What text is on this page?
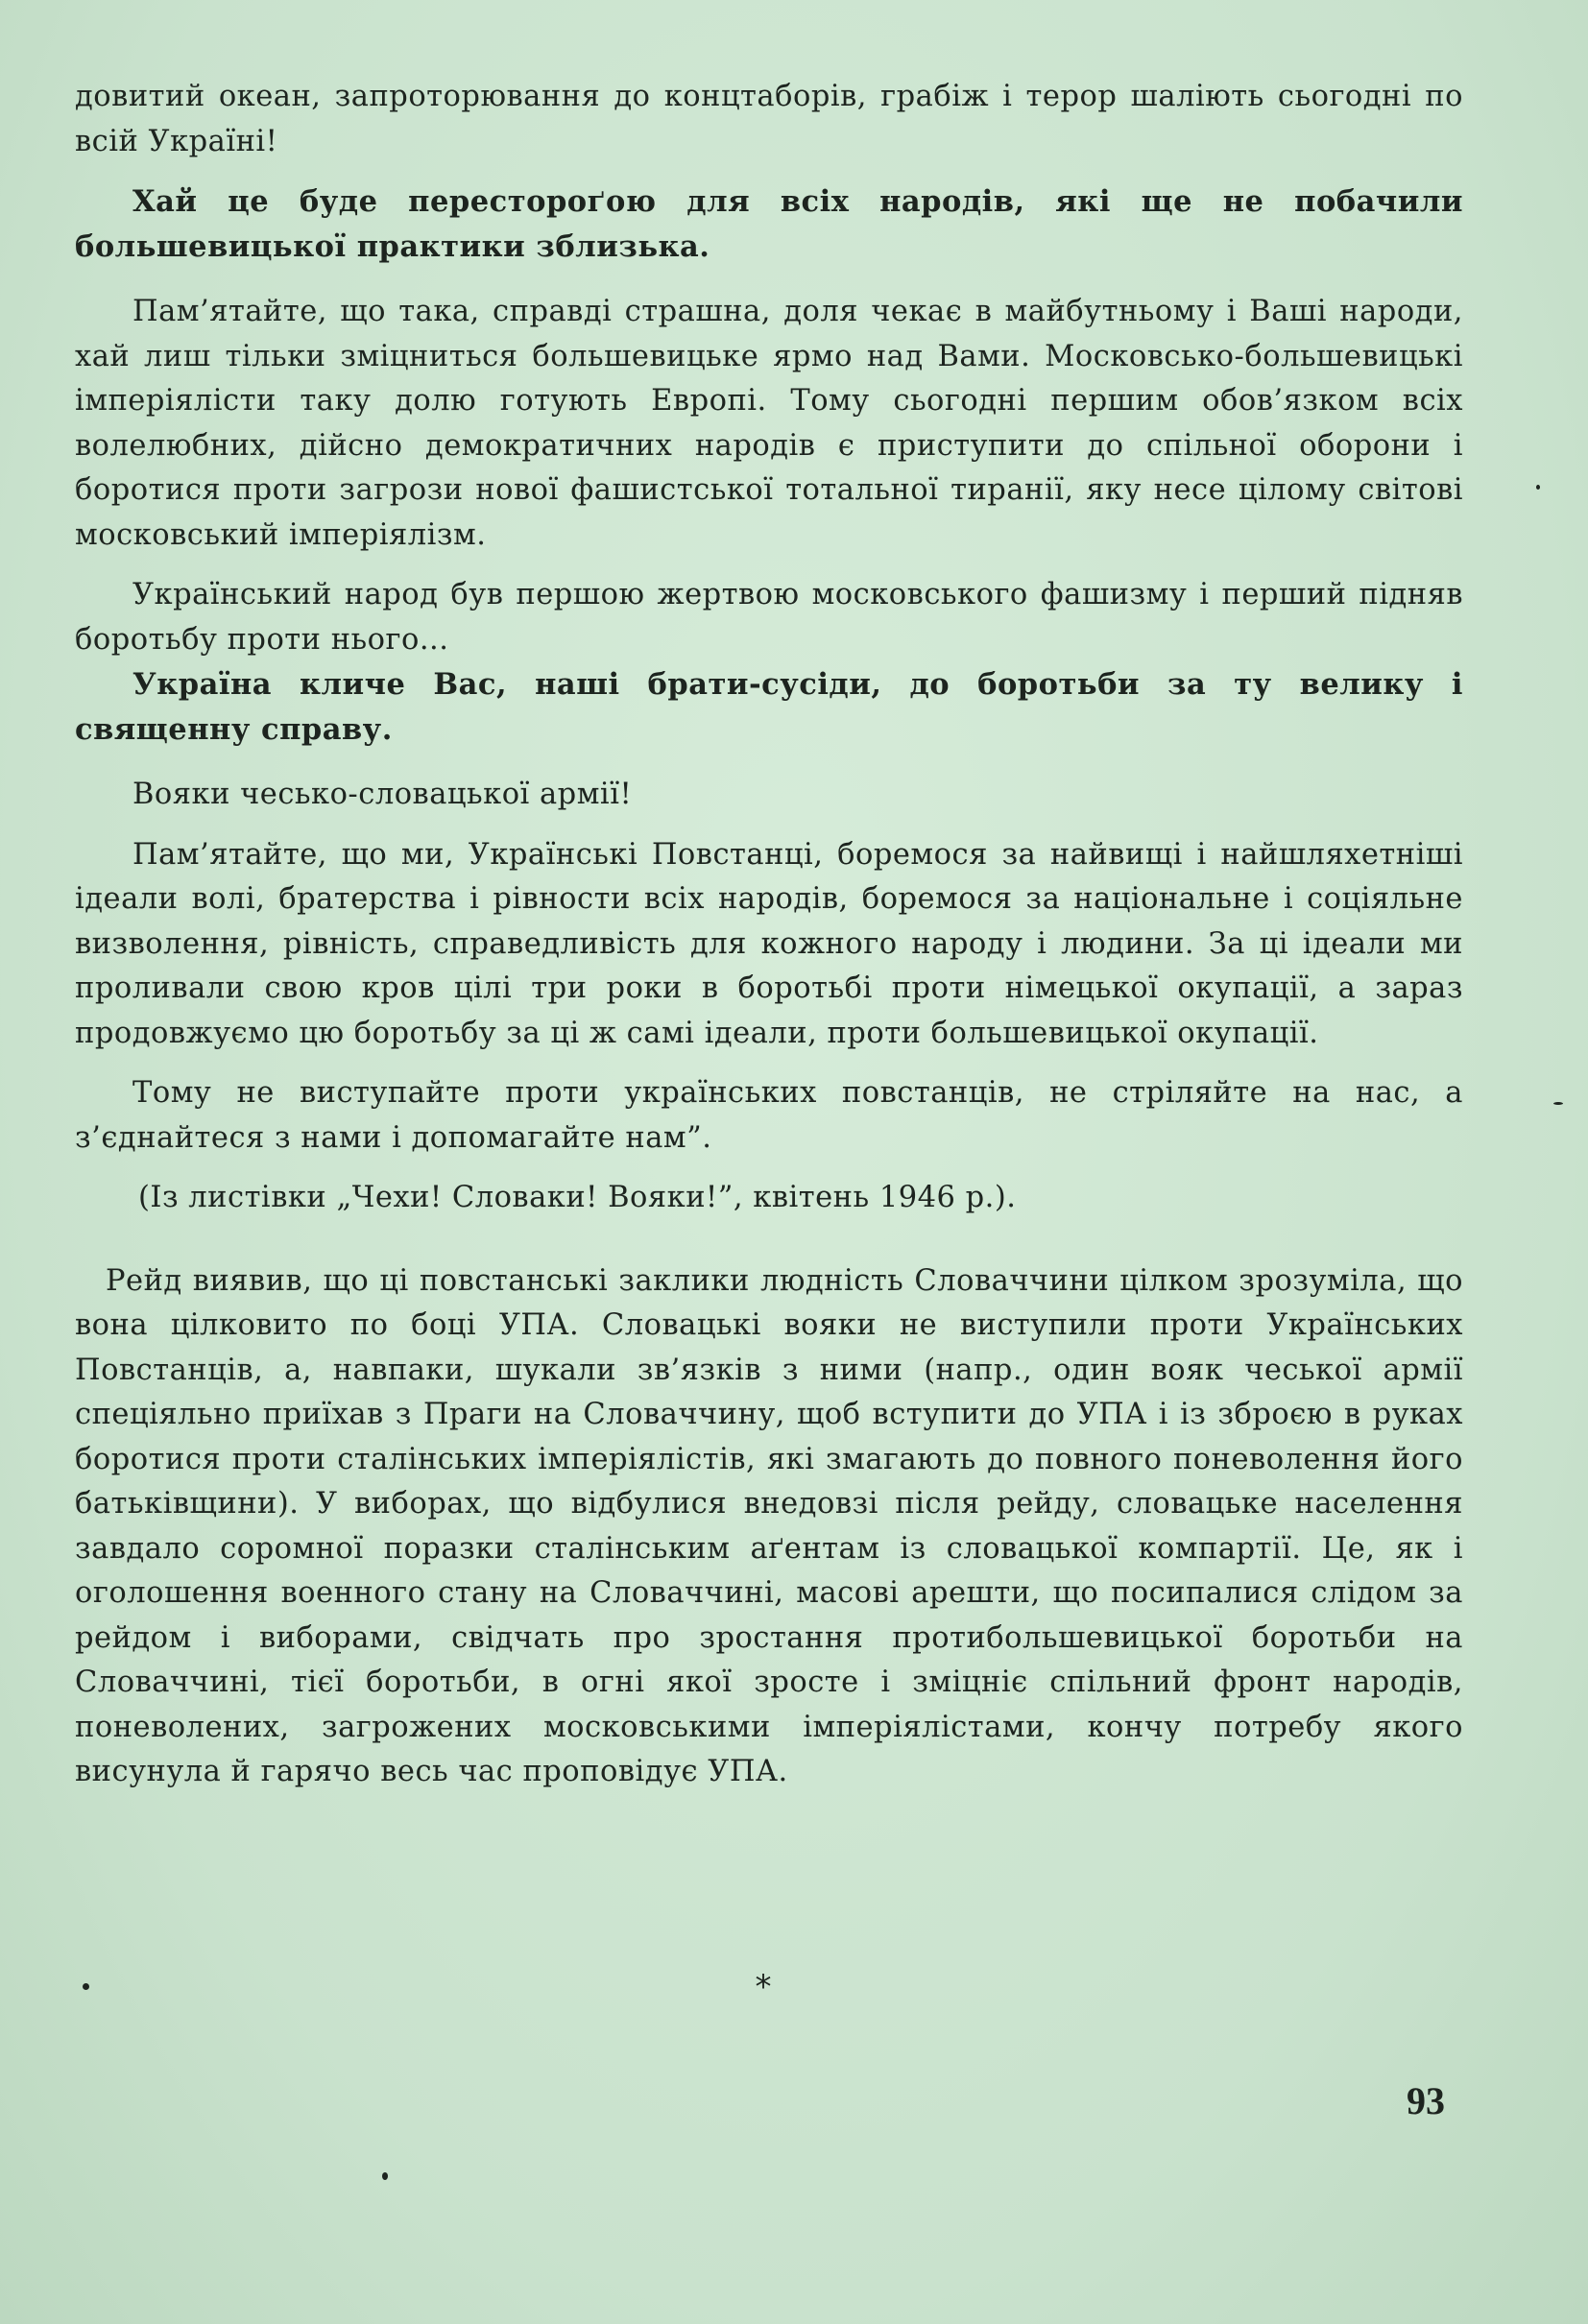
довитий океан, запроторювання до концтаборів, грабіж і терор шаліють сьогодні по всій Україні!

Хай це буде перестороґою для всіх народів, які ще не побачили большевицької практики зблизька.

Пам’ятайте, що така, справді страшна, доля чекає в майбутньому і Ваші народи, хай лиш тільки зміцниться большевицьке ярмо над Вами. Московсько-большевицькі імперіялісти таку долю готують Европі. Тому сьогодні першим обов’язком всіх волелюбних, дійсно демократичних народів є приступити до спільної оборони і боротися проти загрози нової фашистської тотальної тиранії, яку несе цілому світові московський імперіялізм.

Український народ був першою жертвою московського фашизму і перший підняв боротьбу проти нього...

Україна кличе Вас, наші брати-сусіди, до боротьби за ту велику і священну справу.

Вояки чесько-словацької армії!

Пам’ятайте, що ми, Українські Повстанці, боремося за найвищі і найшляхетніші ідеали волі, братерства і рівности всіх народів, боремося за національне і соціяльне визволення, рівність, справедливість для кожного народу і людини. За ці ідеали ми проливали свою кров цілі три роки в боротьбі проти німецької окупації, а зараз продовжуємо цю боротьбу за ці ж самі ідеали, проти большевицької окупації.

Тому не виступайте проти українських повстанців, не стріляйте на нас, а з’єднайтеся з нами і допомагайте нам”.

(Із листівки „Чехи! Словаки! Вояки!”, квітень 1946 р.).

Рейд виявив, що ці повстанські заклики людність Словаччини цілком зрозуміла, що вона цілковито по боці УПА. Словацькі вояки не виступили проти Українських Повстанців, а, навпаки, шукали зв’язків з ними (напр., один вояк чеської армії спеціяльно приїхав з Праги на Словаччину, щоб вступити до УПА і із зброєю в руках боротися проти сталінських імперіялістів, які змагають до повного поневолення його батьківщини). У виборах, що відбулися внедовзі після рейду, словацьке населення завдало соромної поразки сталінським аґентам із словацької компартії. Це, як і оголошення военного стану на Словаччині, масові арешти, що посипалися слідом за рейдом і виборами, свідчать про зростання протибольшевицької боротьби на Словаччині, тієї боротьби, в огні якої зросте і зміцніє спільний фронт народів, поневолених, загрожених московськими імперіялістами, кончу потребу якого висунула й гарячо весь час проповідує УПА.

*
93
